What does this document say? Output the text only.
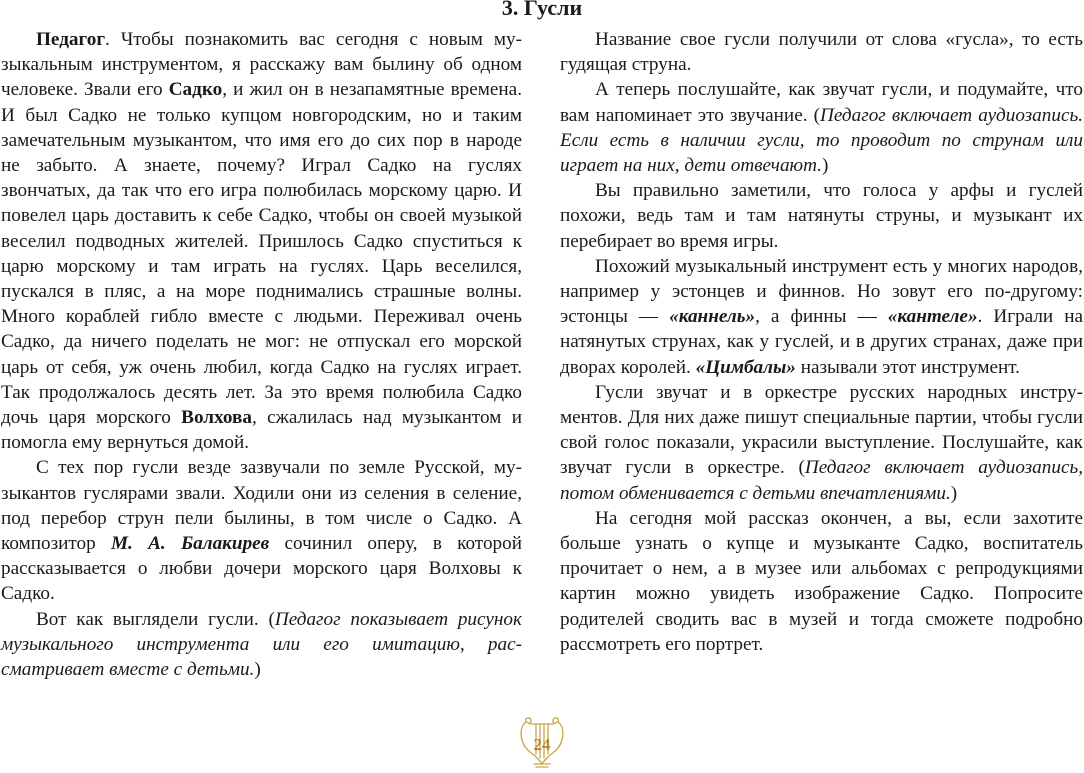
3. Гусли

Педагог. Чтобы познакомить вас сегодня с новым музыкальным инструментом, я расскажу вам былину об одном человеке. Звали его Садко, и жил он в незапамятные времена. И был Садко не только купцом новгородским, но и таким замечательным музыкантом, что имя его до сих пор в народе не забыто. А знаете, почему? Играл Садко на гуслях звончатых, да так что его игра полюбилась морскому царю. И повелел царь доставить к себе Садко, чтобы он своей музыкой веселил подводных жителей. Пришлось Садко спуститься к царю морскому и там играть на гуслях. Царь веселился, пускался в пляс, а на море поднимались страшные волны. Много кораблей гибло вместе с людьми. Переживал очень Садко, да ничего поделать не мог: не отпускал его морской царь от себя, уж очень любил, когда Садко на гуслях играет. Так продолжалось десять лет. За это время полюбила Садко дочь царя морского Волхова, сжалилась над музыкантом и помогла ему вернуться домой.

С тех пор гусли везде зазвучали по земле Русской, музыкантов гуслярами звали. Ходили они из селения в селение, под перебор струн пели былины, в том числе о Садко. А композитор М. А. Балакирев сочинил оперу, в которой рассказывается о любви дочери морского царя Волховы к Садко.

Вот как выглядели гусли. (Педагог показывает рисунок музыкального инструмента или его имитацию, рассматривает вместе с детьми.)

Название свое гусли получили от слова «гусла», то есть гудящая струна.

А теперь послушайте, как звучат гусли, и подумайте, что вам напоминает это звучание. (Педагог включает аудиозапись. Если есть в наличии гусли, то проводит по струнам или играет на них, дети отвечают.)

Вы правильно заметили, что голоса у арфы и гуслей похожи, ведь там и там натянуты струны, и музыкант их перебирает во время игры.

Похожий музыкальный инструмент есть у многих народов, например у эстонцев и финнов. Но зовут его по-другому: эстонцы — «каннель», а финны — «кантеле». Играли на натянутых струнах, как у гуслей, и в других странах, даже при дворах королей. «Цимбалы» называли этот инструмент.

Гусли звучат и в оркестре русских народных инструментов. Для них даже пишут специальные партии, чтобы гусли свой голос показали, украсили выступление. Послушайте, как звучат гусли в оркестре. (Педагог включает аудиозапись, потом обменивается с детьми впечатлениями.)

На сегодня мой рассказ окончен, а вы, если захотите больше узнать о купце и музыканте Садко, воспитатель прочитает о нем, а в музее или альбомах с репродукциями картин можно увидеть изображение Садко. Попросите родителей сводить вас в музей и тогда сможете подробно рассмотреть его портрет.

24
